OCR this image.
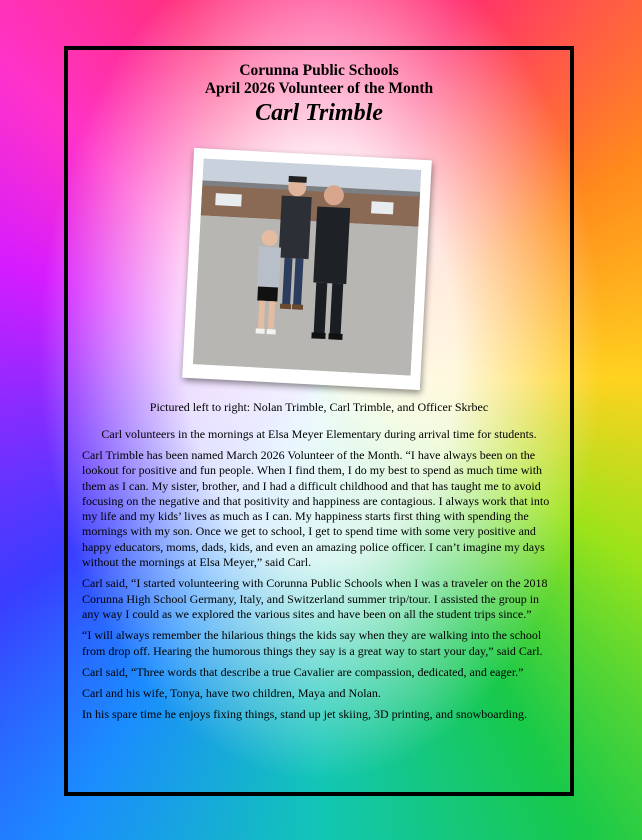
Corunna Public Schools
April 2026 Volunteer of the Month
Carl Trimble
Pictured left to right: Nolan Trimble, Carl Trimble, and Officer Skrbec
Carl volunteers in the mornings at Elsa Meyer Elementary during arrival time for students.

Carl Trimble has been named March 2026 Volunteer of the Month. “I have always been on the lookout for positive and fun people. When I find them, I do my best to spend as much time with them as I can. My sister, brother, and I had a difficult childhood and that has taught me to avoid focusing on the negative and that positivity and happiness are contagious. I always work that into my life and my kids’ lives as much as I can. My happiness starts first thing with spending the mornings with my son. Once we get to school, I get to spend time with some very positive and happy educators, moms, dads, kids, and even an amazing police officer. I can’t imagine my days without the mornings at Elsa Meyer,” said Carl.

Carl said, “I started volunteering with Corunna Public Schools when I was a traveler on the 2018 Corunna High School Germany, Italy, and Switzerland summer trip/tour. I assisted the group in any way I could as we explored the various sites and have been on all the student trips since.”

“I will always remember the hilarious things the kids say when they are walking into the school from drop off. Hearing the humorous things they say is a great way to start your day,” said Carl.

Carl said, “Three words that describe a true Cavalier are compassion, dedicated, and eager.”

Carl and his wife, Tonya, have two children, Maya and Nolan.

In his spare time he enjoys fixing things, stand up jet skiing, 3D printing, and snowboarding.
